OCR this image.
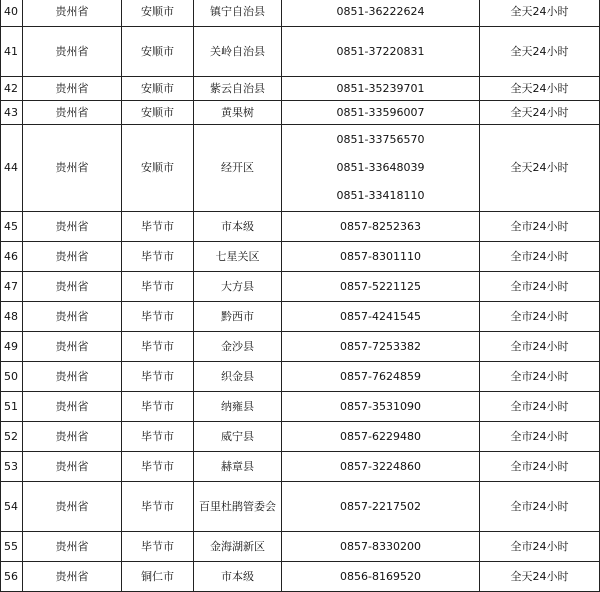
40	贵州省	安顺市	镇宁自治县	0851-36222624	全天24小时
41	贵州省	安顺市	关岭自治县	0851-37220831	全天24小时
42	贵州省	安顺市	紫云自治县	0851-35239701	全天24小时
43	贵州省	安顺市	黄果树	0851-33596007	全天24小时
44	贵州省	安顺市	经开区	0851-33756570
0851-33648039
0851-33418110	全天24小时
45	贵州省	毕节市	市本级	0857-8252363	全市24小时
46	贵州省	毕节市	七星关区	0857-8301110	全市24小时
47	贵州省	毕节市	大方县	0857-5221125	全市24小时
48	贵州省	毕节市	黔西市	0857-4241545	全市24小时
49	贵州省	毕节市	金沙县	0857-7253382	全市24小时
50	贵州省	毕节市	织金县	0857-7624859	全市24小时
51	贵州省	毕节市	纳雍县	0857-3531090	全市24小时
52	贵州省	毕节市	威宁县	0857-6229480	全市24小时
53	贵州省	毕节市	赫章县	0857-3224860	全市24小时
54	贵州省	毕节市	百里杜鹃管委会	0857-2217502	全市24小时
55	贵州省	毕节市	金海湖新区	0857-8330200	全市24小时
56	贵州省	铜仁市	市本级	0856-8169520	全天24小时
